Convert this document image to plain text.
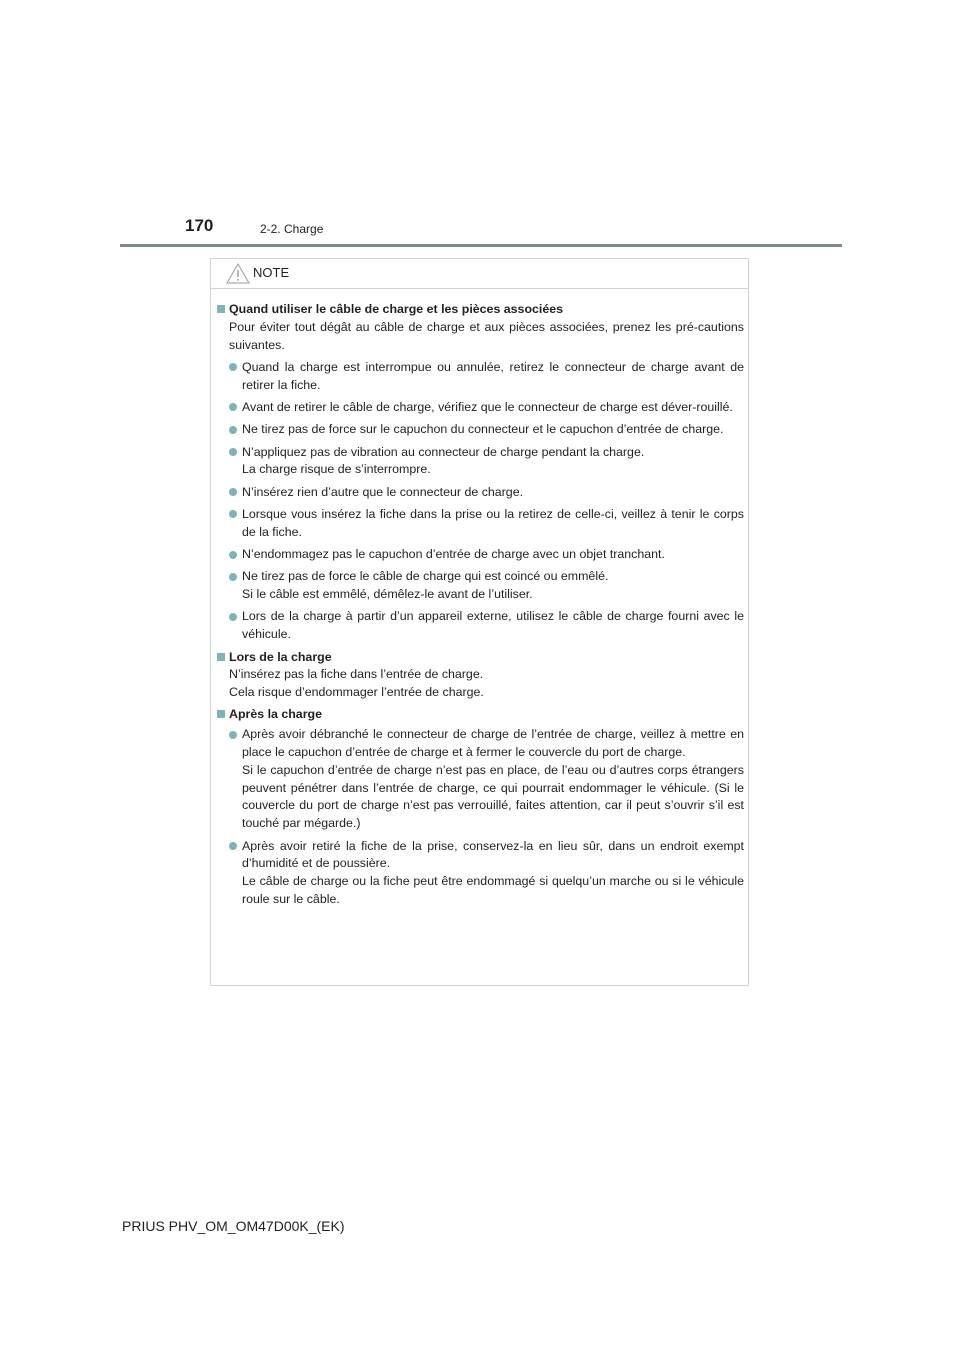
170	2-2. Charge
NOTE
Quand utiliser le câble de charge et les pièces associées
Pour éviter tout dégât au câble de charge et aux pièces associées, prenez les pré-cautions suivantes.
Quand la charge est interrompue ou annulée, retirez le connecteur de charge avant de retirer la fiche.
Avant de retirer le câble de charge, vérifiez que le connecteur de charge est déver-rouillé.
Ne tirez pas de force sur le capuchon du connecteur et le capuchon d’entrée de charge.
N’appliquez pas de vibration au connecteur de charge pendant la charge.
La charge risque de s’interrompre.
N’insérez rien d’autre que le connecteur de charge.
Lorsque vous insérez la fiche dans la prise ou la retirez de celle-ci, veillez à tenir le corps de la fiche.
N’endommagez pas le capuchon d’entrée de charge avec un objet tranchant.
Ne tirez pas de force le câble de charge qui est coincé ou emmêlé.
Si le câble est emmêlé, démêlez-le avant de l’utiliser.
Lors de la charge à partir d’un appareil externe, utilisez le câble de charge fourni avec le véhicule.
Lors de la charge
N’insérez pas la fiche dans l’entrée de charge.
Cela risque d’endommager l’entrée de charge.
Après la charge
Après avoir débranché le connecteur de charge de l’entrée de charge, veillez à mettre en place le capuchon d’entrée de charge et à fermer le couvercle du port de charge.
Si le capuchon d’entrée de charge n’est pas en place, de l’eau ou d’autres corps étrangers peuvent pénétrer dans l’entrée de charge, ce qui pourrait endommager le véhicule. (Si le couvercle du port de charge n’est pas verrouillé, faites attention, car il peut s’ouvrir s’il est touché par mégarde.)
Après avoir retiré la fiche de la prise, conservez-la en lieu sûr, dans un endroit exempt d’humidité et de poussière.
Le câble de charge ou la fiche peut être endommagé si quelqu’un marche ou si le véhicule roule sur le câble.
PRIUS PHV_OM_OM47D00K_(EK)
